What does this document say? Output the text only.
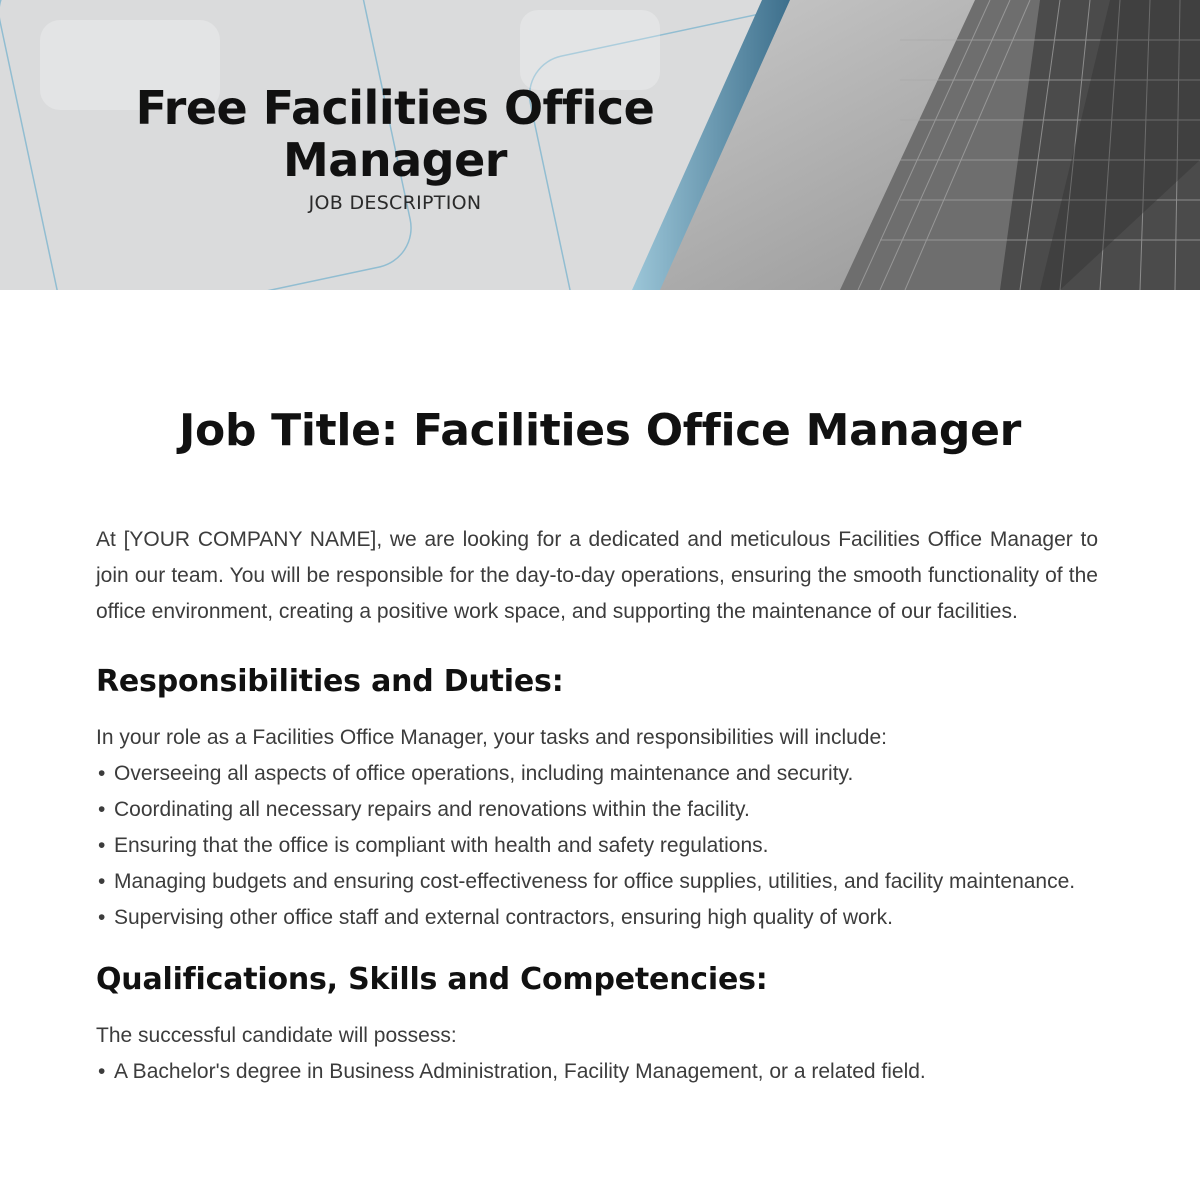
Free Facilities Office Manager
JOB DESCRIPTION
Job Title: Facilities Office Manager

At [YOUR COMPANY NAME], we are looking for a dedicated and meticulous Facilities Office Manager to join our team. You will be responsible for the day-to-day operations, ensuring the smooth functionality of the office environment, creating a positive work space, and supporting the maintenance of our facilities.

Responsibilities and Duties:

In your role as a Facilities Office Manager, your tasks and responsibilities will include:

• Overseeing all aspects of office operations, including maintenance and security.
• Coordinating all necessary repairs and renovations within the facility.
• Ensuring that the office is compliant with health and safety regulations.
• Managing budgets and ensuring cost-effectiveness for office supplies, utilities, and facility maintenance.
• Supervising other office staff and external contractors, ensuring high quality of work.
Qualifications, Skills and Competencies:

The successful candidate will possess:

• A Bachelor's degree in Business Administration, Facility Management, or a related field.
